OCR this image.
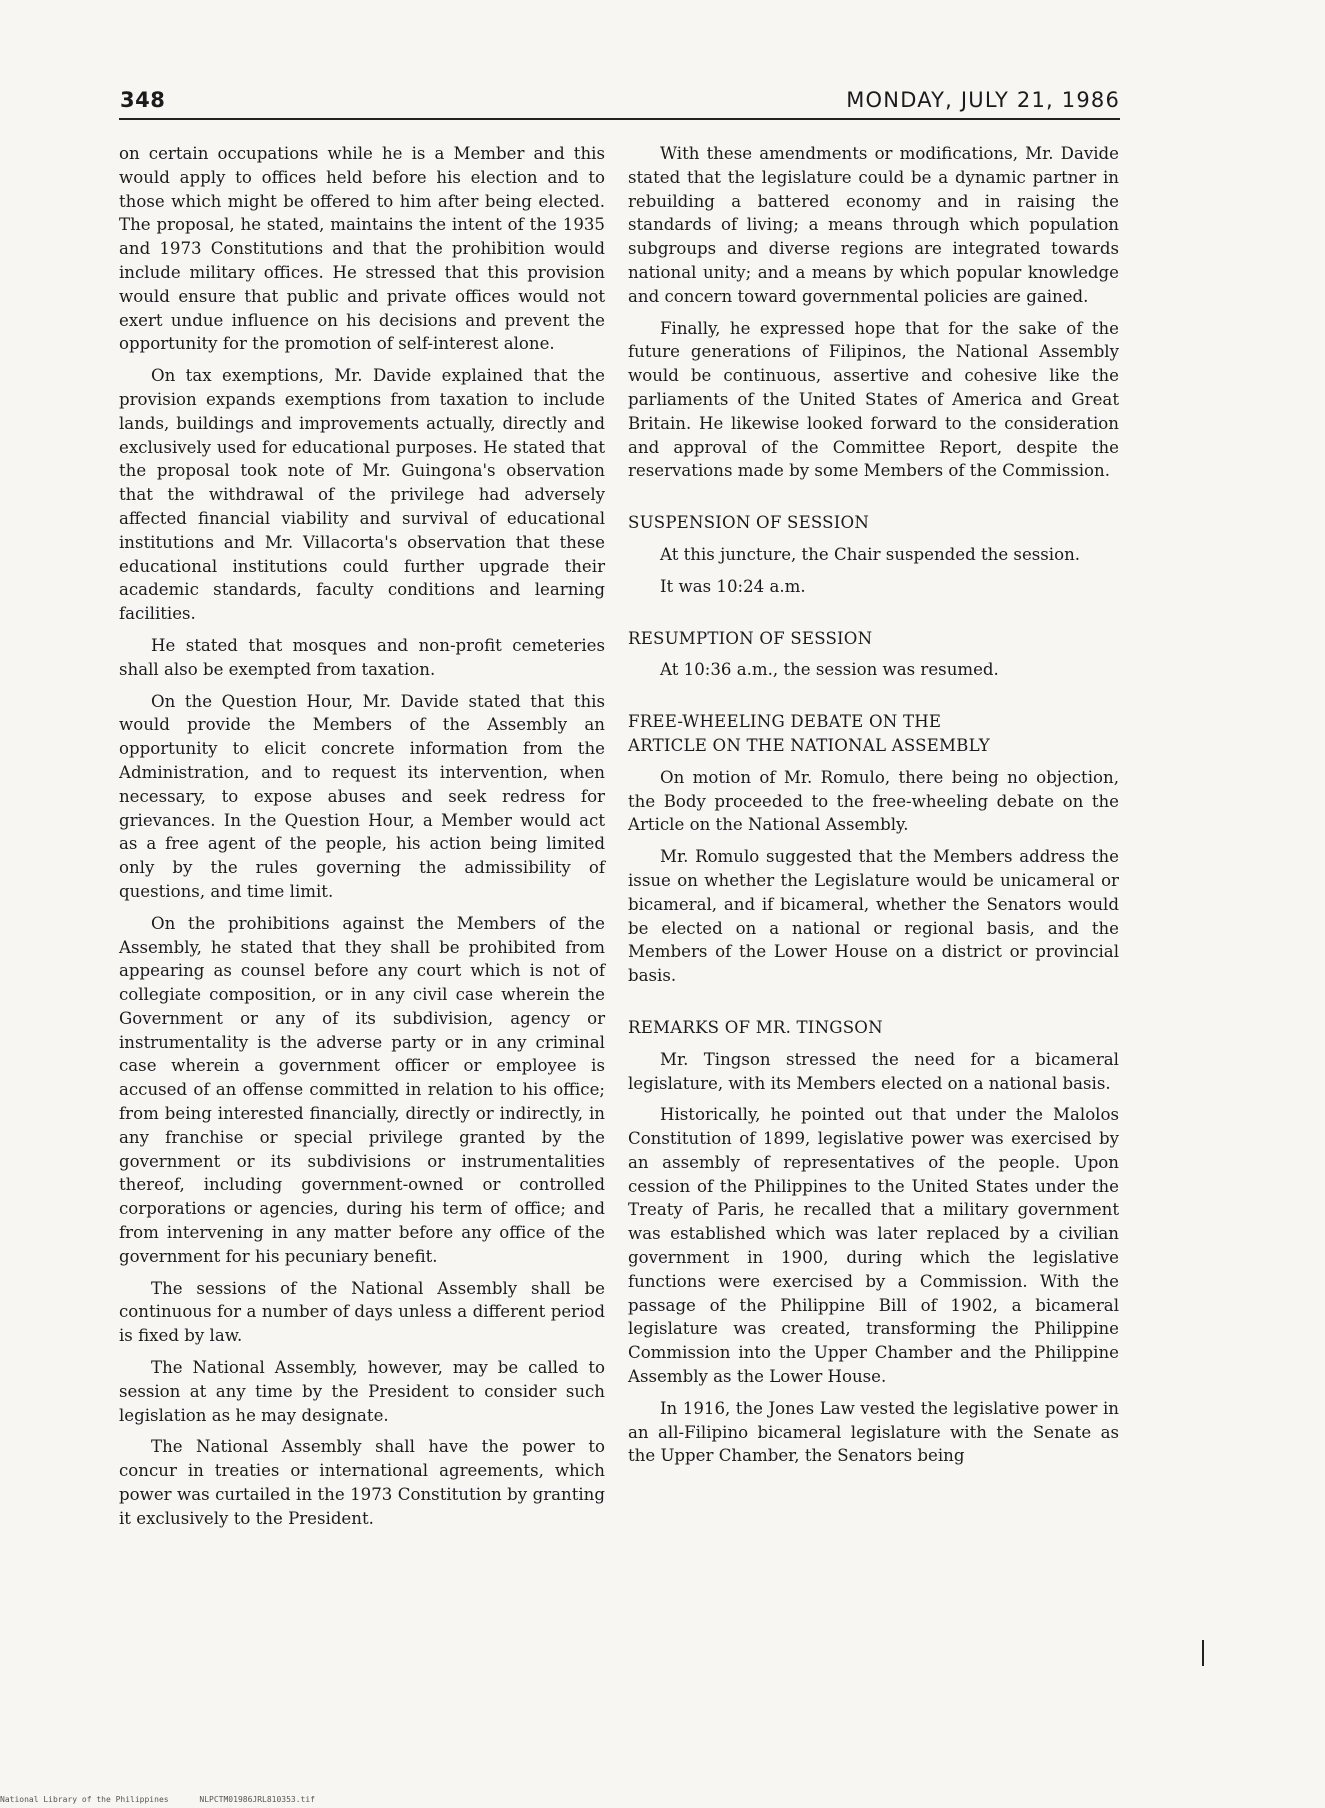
348	MONDAY, JULY 21, 1986

on certain occupations while he is a Member and this would apply to offices held before his election and to those which might be offered to him after being elected. The proposal, he stated, maintains the intent of the 1935 and 1973 Constitutions and that the prohibition would include military offices. He stressed that this provision would ensure that public and private offices would not exert undue influence on his decisions and prevent the opportunity for the promotion of self-interest alone.

On tax exemptions, Mr. Davide explained that the provision expands exemptions from taxation to include lands, buildings and improvements actually, directly and exclusively used for educational purposes. He stated that the proposal took note of Mr. Guingona's observation that the withdrawal of the privilege had adversely affected financial viability and survival of educational institutions and Mr. Villacorta's observation that these educational institutions could further upgrade their academic standards, faculty conditions and learning facilities.

He stated that mosques and non-profit cemeteries shall also be exempted from taxation.

On the Question Hour, Mr. Davide stated that this would provide the Members of the Assembly an opportunity to elicit concrete information from the Administration, and to request its intervention, when necessary, to expose abuses and seek redress for grievances. In the Question Hour, a Member would act as a free agent of the people, his action being limited only by the rules governing the admissibility of questions, and time limit.

On the prohibitions against the Members of the Assembly, he stated that they shall be prohibited from appearing as counsel before any court which is not of collegiate composition, or in any civil case wherein the Government or any of its subdivision, agency or instrumentality is the adverse party or in any criminal case wherein a government officer or employee is accused of an offense committed in relation to his office; from being interested financially, directly or indirectly, in any franchise or special privilege granted by the government or its subdivisions or instrumentalities thereof, including government-owned or controlled corporations or agencies, during his term of office; and from intervening in any matter before any office of the government for his pecuniary benefit.

The sessions of the National Assembly shall be continuous for a number of days unless a different period is fixed by law.

The National Assembly, however, may be called to session at any time by the President to consider such legislation as he may designate.

The National Assembly shall have the power to concur in treaties or international agreements, which power was curtailed in the 1973 Constitution by granting it exclusively to the President.

With these amendments or modifications, Mr. Davide stated that the legislature could be a dynamic partner in rebuilding a battered economy and in raising the standards of living; a means through which population subgroups and diverse regions are integrated towards national unity; and a means by which popular knowledge and concern toward governmental policies are gained.

Finally, he expressed hope that for the sake of the future generations of Filipinos, the National Assembly would be continuous, assertive and cohesive like the parliaments of the United States of America and Great Britain. He likewise looked forward to the consideration and approval of the Committee Report, despite the reservations made by some Members of the Commission.

SUSPENSION OF SESSION

At this juncture, the Chair suspended the session.

It was 10:24 a.m.

RESUMPTION OF SESSION

At 10:36 a.m., the session was resumed.

FREE-WHEELING DEBATE ON THE
ARTICLE ON THE NATIONAL ASSEMBLY

On motion of Mr. Romulo, there being no objection, the Body proceeded to the free-wheeling debate on the Article on the National Assembly.

Mr. Romulo suggested that the Members address the issue on whether the Legislature would be unicameral or bicameral, and if bicameral, whether the Senators would be elected on a national or regional basis, and the Members of the Lower House on a district or provincial basis.

REMARKS OF MR. TINGSON

Mr. Tingson stressed the need for a bicameral legislature, with its Members elected on a national basis.

Historically, he pointed out that under the Malolos Constitution of 1899, legislative power was exercised by an assembly of representatives of the people. Upon cession of the Philippines to the United States under the Treaty of Paris, he recalled that a military government was established which was later replaced by a civilian government in 1900, during which the legislative functions were exercised by a Commission. With the passage of the Philippine Bill of 1902, a bicameral legislature was created, transforming the Philippine Commission into the Upper Chamber and the Philippine Assembly as the Lower House.

In 1916, the Jones Law vested the legislative power in an all-Filipino bicameral legislature with the Senate as the Upper Chamber, the Senators being

National Library of the Philippines	NLPCTM01986JRL810353.tif
